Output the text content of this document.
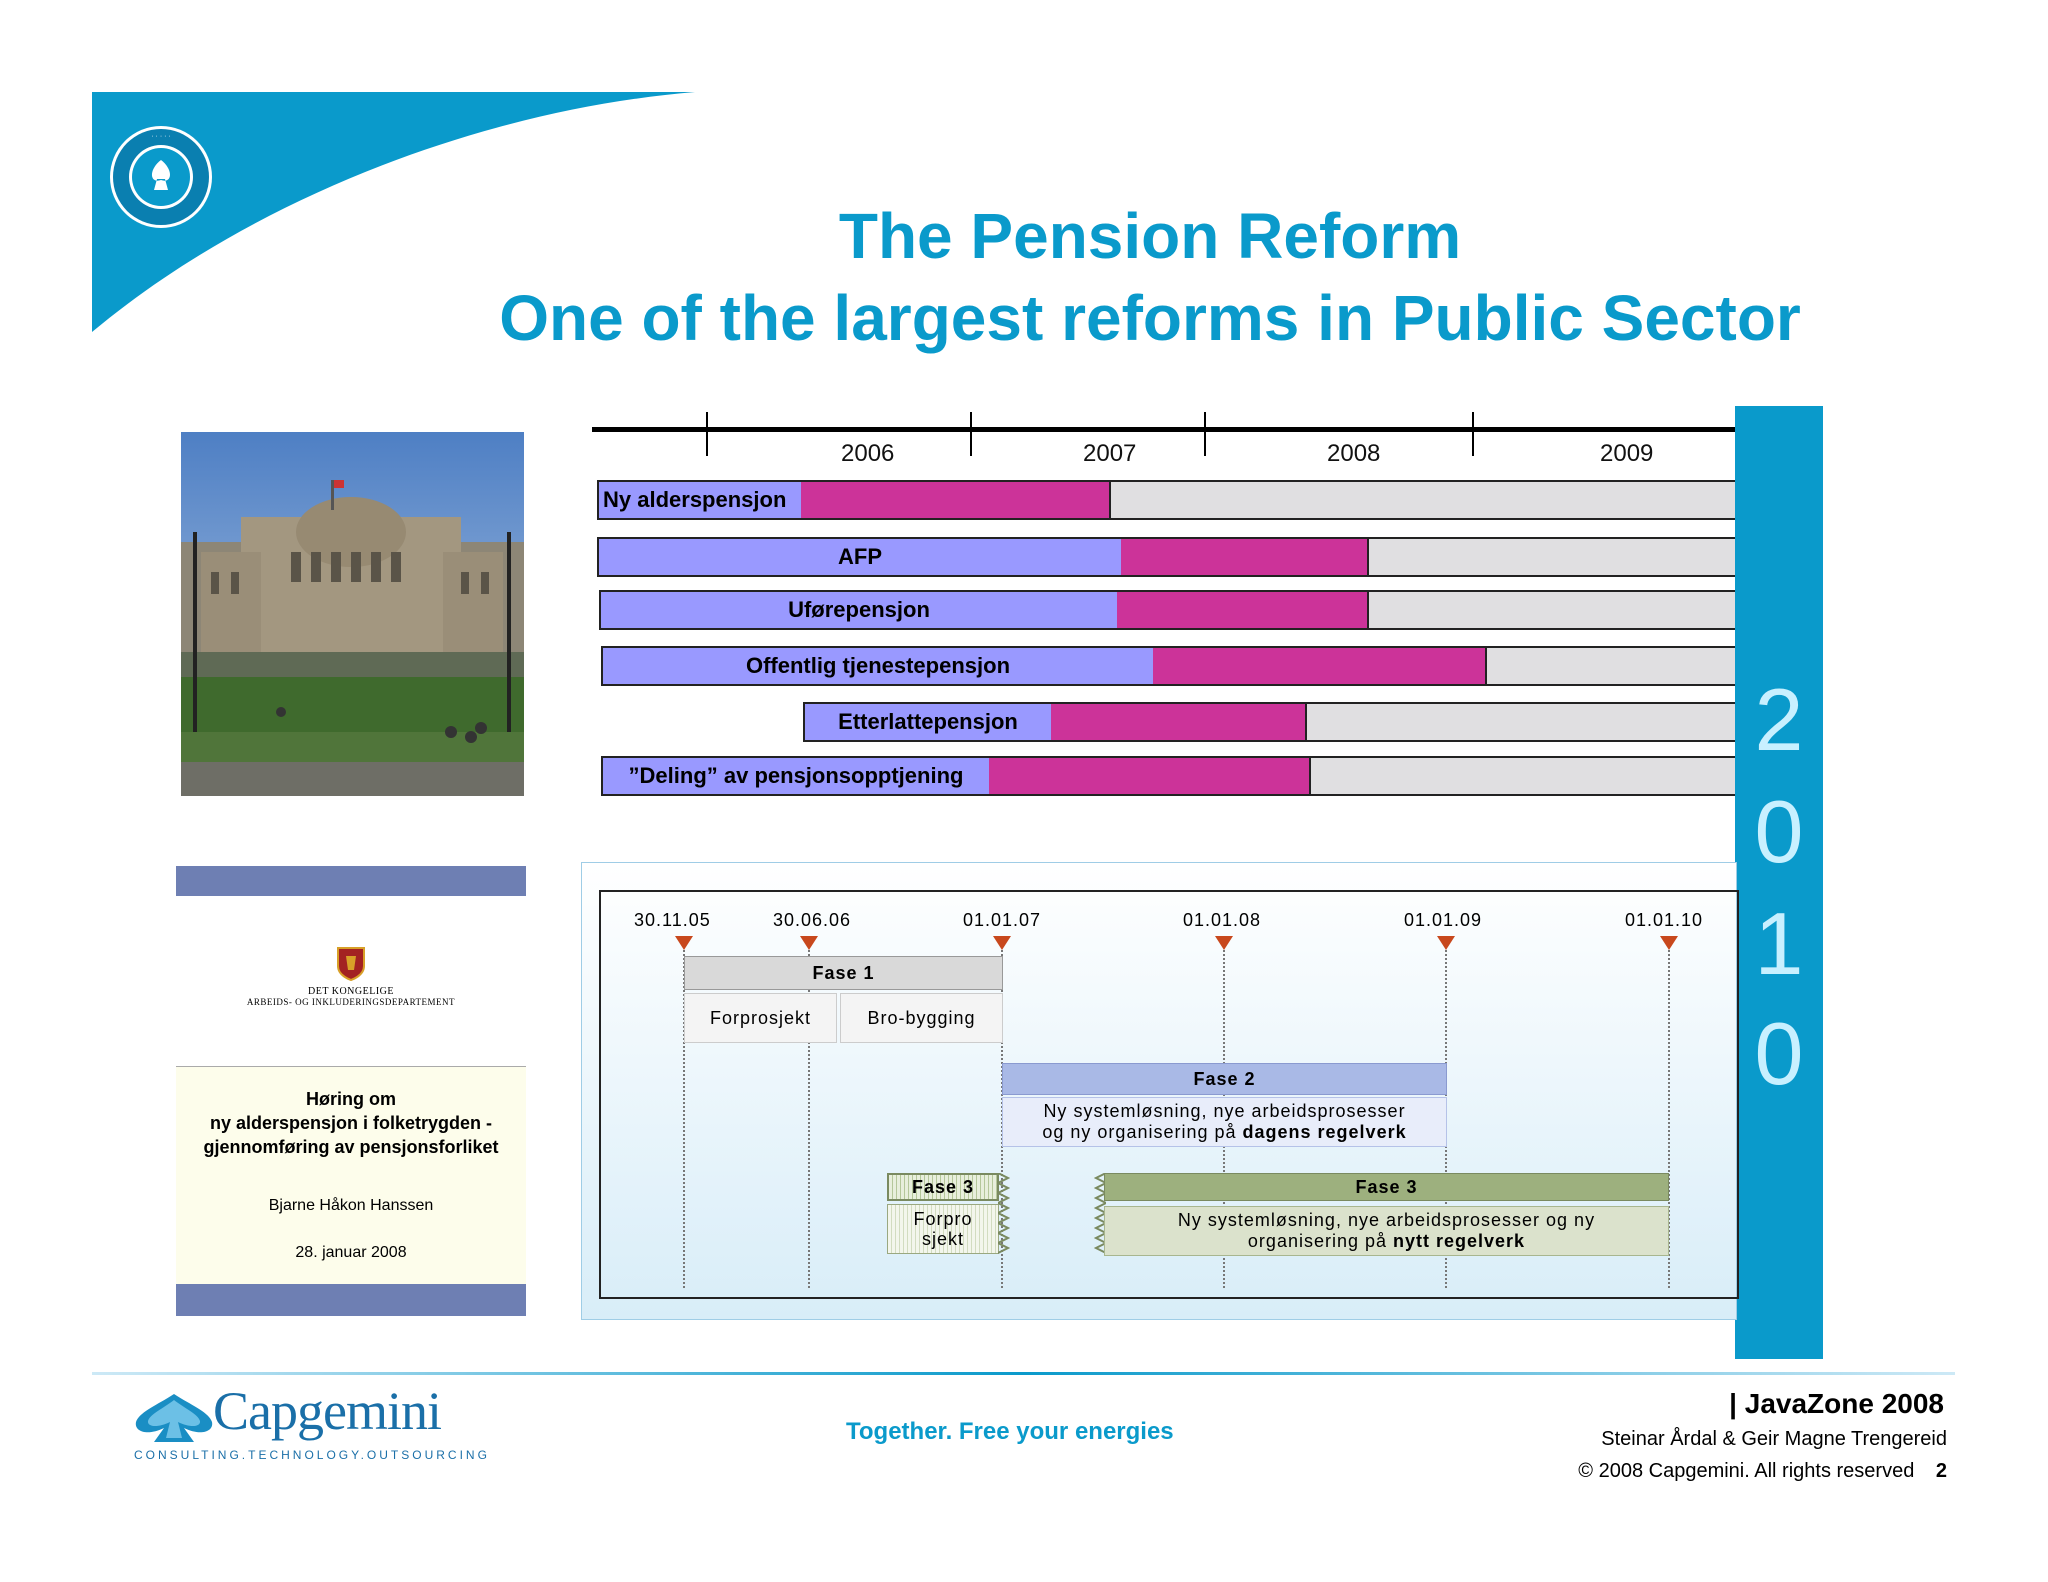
· · · · ·
The Pension Reform
One of the largest reforms in Public Sector
2006	2007	2008	2009
Ny alderspensjon
AFP
Uførepensjon
Offentlig tjenestepensjon
Etterlattepensjon
”Deling” av pensjonsopptjening
2
0
1
0
DET KONGELIGE
ARBEIDS- OG INKLUDERINGSDEPARTEMENT
Høring om
ny alderspensjon i folketrygden -
gjennomføring av pensjonsforliket
Bjarne Håkon Hanssen
28. januar 2008
30.11.05	30.06.06	01.01.07	01.01.08	01.01.09	01.01.10
Fase 1
Forprosjekt	Bro-bygging
Fase 2
Ny systemløsning, nye arbeidsprosesser
og ny organisering på dagens regelverk
Fase 3
Forpro
sjekt
Fase 3
Ny systemløsning, nye arbeidsprosesser og ny
organisering på nytt regelverk
Capgemini
CONSULTING.TECHNOLOGY.OUTSOURCING
Together. Free your energies
| JavaZone 2008
Steinar Årdal & Geir Magne Trengereid
© 2008 Capgemini. All rights reserved 2
